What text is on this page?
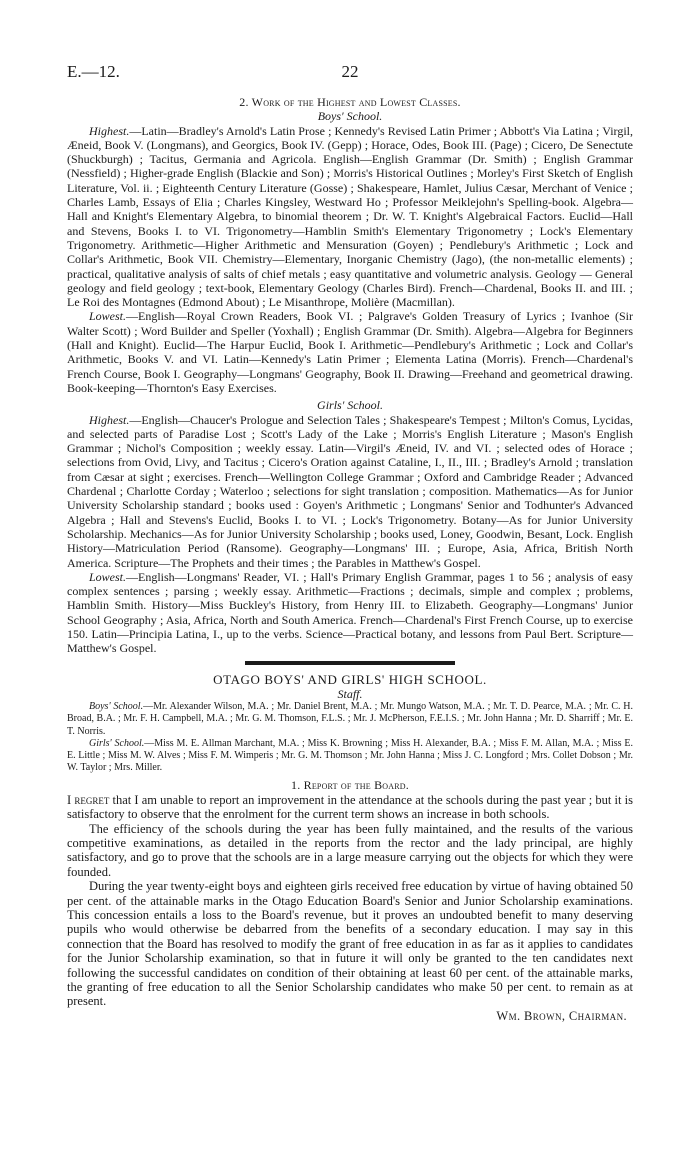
E.—12.	22
2. Work of the Highest and Lowest Classes.
Boys' School.

Highest.—Latin—Bradley's Arnold's Latin Prose ; Kennedy's Revised Latin Primer ; Abbott's Via Latina ; Virgil, Æneid, Book V. (Longmans), and Georgics, Book IV. (Gepp) ; Horace, Odes, Book III. (Page) ; Cicero, De Senectute (Shuckburgh) ; Tacitus, Germania and Agricola. English—English Grammar (Dr. Smith) ; English Grammar (Nessfield) ; Higher-grade English (Blackie and Son) ; Morris's Historical Outlines ; Morley's First Sketch of English Literature, Vol. ii. ; Eighteenth Century Literature (Gosse) ; Shakespeare, Hamlet, Julius Cæsar, Merchant of Venice ; Charles Lamb, Essays of Elia ; Charles Kingsley, Westward Ho ; Professor Meiklejohn's Spelling-book. Algebra—Hall and Knight's Elementary Algebra, to binomial theorem ; Dr. W. T. Knight's Algebraical Factors. Euclid—Hall and Stevens, Books I. to VI. Trigonometry—Hamblin Smith's Elementary Trigonometry ; Lock's Elementary Trigonometry. Arithmetic—Higher Arithmetic and Mensuration (Goyen) ; Pendlebury's Arithmetic ; Lock and Collar's Arithmetic, Book VII. Chemistry—Elementary, Inorganic Chemistry (Jago), (the non-metallic elements) ; practical, qualitative analysis of salts of chief metals ; easy quantitative and volumetric analysis. Geology — General geology and field geology ; text-book, Elementary Geology (Charles Bird). French—Chardenal, Books II. and III. ; Le Roi des Montagnes (Edmond About) ; Le Misanthrope, Molière (Macmillan).

Lowest.—English—Royal Crown Readers, Book VI. ; Palgrave's Golden Treasury of Lyrics ; Ivanhoe (Sir Walter Scott) ; Word Builder and Speller (Yoxhall) ; English Grammar (Dr. Smith). Algebra—Algebra for Beginners (Hall and Knight). Euclid—The Harpur Euclid, Book I. Arithmetic—Pendlebury's Arithmetic ; Lock and Collar's Arithmetic, Books V. and VI. Latin—Kennedy's Latin Primer ; Elementa Latina (Morris). French—Chardenal's French Course, Book I. Geography—Longmans' Geography, Book II. Drawing—Freehand and geometrical drawing. Book-keeping—Thornton's Easy Exercises.

Girls' School.

Highest.—English—Chaucer's Prologue and Selection Tales ; Shakespeare's Tempest ; Milton's Comus, Lycidas, and selected parts of Paradise Lost ; Scott's Lady of the Lake ; Morris's English Literature ; Mason's English Grammar ; Nichol's Composition ; weekly essay. Latin—Virgil's Æneid, IV. and VI. ; selected odes of Horace ; selections from Ovid, Livy, and Tacitus ; Cicero's Oration against Cataline, I., II., III. ; Bradley's Arnold ; translation from Cæsar at sight ; exercises. French—Wellington College Grammar ; Oxford and Cambridge Reader ; Advanced Chardenal ; Charlotte Corday ; Waterloo ; selections for sight translation ; composition. Mathematics—As for Junior University Scholarship standard ; books used : Goyen's Arithmetic ; Longmans' Senior and Todhunter's Advanced Algebra ; Hall and Stevens's Euclid, Books I. to VI. ; Lock's Trigonometry. Botany—As for Junior University Scholarship. Mechanics—As for Junior University Scholarship ; books used, Loney, Goodwin, Besant, Lock. English History—Matriculation Period (Ransome). Geography—Longmans' III. ; Europe, Asia, Africa, British North America. Scripture—The Prophets and their times ; the Parables in Matthew's Gospel.

Lowest.—English—Longmans' Reader, VI. ; Hall's Primary English Grammar, pages 1 to 56 ; analysis of easy complex sentences ; parsing ; weekly essay. Arithmetic—Fractions ; decimals, simple and complex ; problems, Hamblin Smith. History—Miss Buckley's History, from Henry III. to Elizabeth. Geography—Longmans' Junior School Geography ; Asia, Africa, North and South America. French—Chardenal's First French Course, up to exercise 150. Latin—Principia Latina, I., up to the verbs. Science—Practical botany, and lessons from Paul Bert. Scripture—Matthew's Gospel.

OTAGO BOYS' AND GIRLS' HIGH SCHOOL.
Staff.

Boys' School.—Mr. Alexander Wilson, M.A. ; Mr. Daniel Brent, M.A. ; Mr. Mungo Watson, M.A. ; Mr. T. D. Pearce, M.A. ; Mr. C. H. Broad, B.A. ; Mr. F. H. Campbell, M.A. ; Mr. G. M. Thomson, F.L.S. ; Mr. J. McPherson, F.E.I.S. ; Mr. John Hanna ; Mr. D. Sharriff ; Mr. E. T. Norris.

Girls' School.—Miss M. E. Allman Marchant, M.A. ; Miss K. Browning ; Miss H. Alexander, B.A. ; Miss F. M. Allan, M.A. ; Miss E. E. Little ; Miss M. W. Alves ; Miss F. M. Wimperis ; Mr. G. M. Thomson ; Mr. John Hanna ; Miss J. C. Longford ; Mrs. Collet Dobson ; Mr. W. Taylor ; Mrs. Miller.

1. Report of the Board.

I regret that I am unable to report an improvement in the attendance at the schools during the past year ; but it is satisfactory to observe that the enrolment for the current term shows an increase in both schools.

The efficiency of the schools during the year has been fully maintained, and the results of the various competitive examinations, as detailed in the reports from the rector and the lady principal, are highly satisfactory, and go to prove that the schools are in a large measure carrying out the objects for which they were founded.

During the year twenty-eight boys and eighteen girls received free education by virtue of having obtained 50 per cent. of the attainable marks in the Otago Education Board's Senior and Junior Scholarship examinations. This concession entails a loss to the Board's revenue, but it proves an undoubted benefit to many deserving pupils who would otherwise be debarred from the benefits of a secondary education. I may say in this connection that the Board has resolved to modify the grant of free education in as far as it applies to candidates for the Junior Scholarship examination, so that in future it will only be granted to the ten candidates next following the successful candidates on condition of their obtaining at least 60 per cent. of the attainable marks, the granting of free education to all the Senior Scholarship candidates who make 50 per cent. to remain as at present.

Wm. Brown, Chairman.
